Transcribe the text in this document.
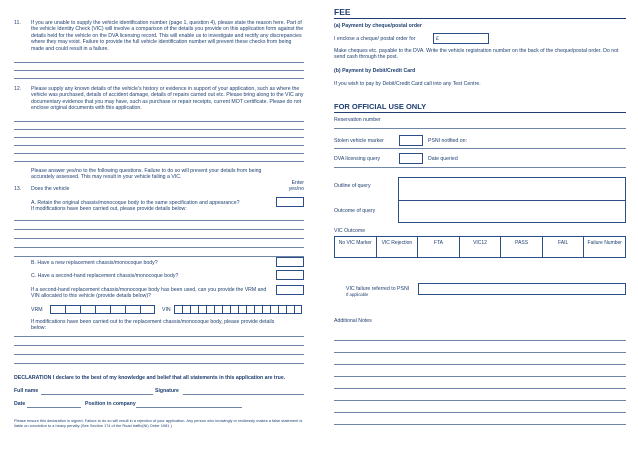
11. If you are unable to supply the vehicle identification number (page 1, question 4), please state the reason here. Part of the vehicle Identity Check (VIC) will involve a comparison of the details you provide on this application form against the details held for the vehicle on the DVA licensing record. This will enable us to investigate and rectify any discrepancies where they may exist. Failure to provide the full vehicle identification number will prevent these checks from being made and could result in a failure.
12. Please supply any known details of the vehicle's history or evidence in support of your application, such as where the vehicle was purchased, details of accident damage, details of repairs carried out etc. Please bring along to the VIC any documentary evidence that you may have, such as purchase or repair receipts, current MOT certificate. Please do not enclose original documents with this application.
Please answer yes/no to the following questions. Failure to do so will prevent your details from being accurately assessed. This may result in your vehicle failing a VIC.
Enter
13. Does the vehicle	yes/no
A. Retain the original chassis/monocoque body to the same specification and appearance?
If modifications have been carried out, please provide details below:
B. Have a new replacement chassis/monocoque body?
C. Have a second-hand replacement chassis/monocoque body?
If a second-hand replacement chassis/monocoque body has been used, can you provide the VRM and VIN allocated to this vehicle (provide details below)?
VRM	VIN
If modifications have been carried out to the replacement chassis/monocoque body, please provide details below:
DECLARATION I declare to the best of my knowledge and belief that all statements in this application are true.
Full name	Signature
Date	Position in company
Please ensure this declaration is signed. Failure to do so will result in a rejection of your application. Any person who knowingly or recklessly makes a false statement is liable on conviction to a heavy penalty (See Section 174 of the Road traffic(NI) Order 1981 )
FEE
(a) Payment by cheque/postal order
I enclose a cheque/ postal order for	£
Make cheques etc. payable to the DVA. Write the vehicle registration number on the back of the cheque/postal order. Do not send cash through the post.
(b) Payment by Debit/Credit Card
If you wish to pay by Debit/Credit Card call into any Test Centre.
FOR OFFICIAL USE ONLY
Reservation number
Stolen vehicle marker	PSNI notified on:
DVA licensing query	Date queried
Outline of query
Outcome of query
VIC Outcome
No VIC Marker	VIC Rejection	FTA	VIC12	PASS	FAIL	Failure Number
VIC failure referred to PSNI
If applicable
Additional Notes
